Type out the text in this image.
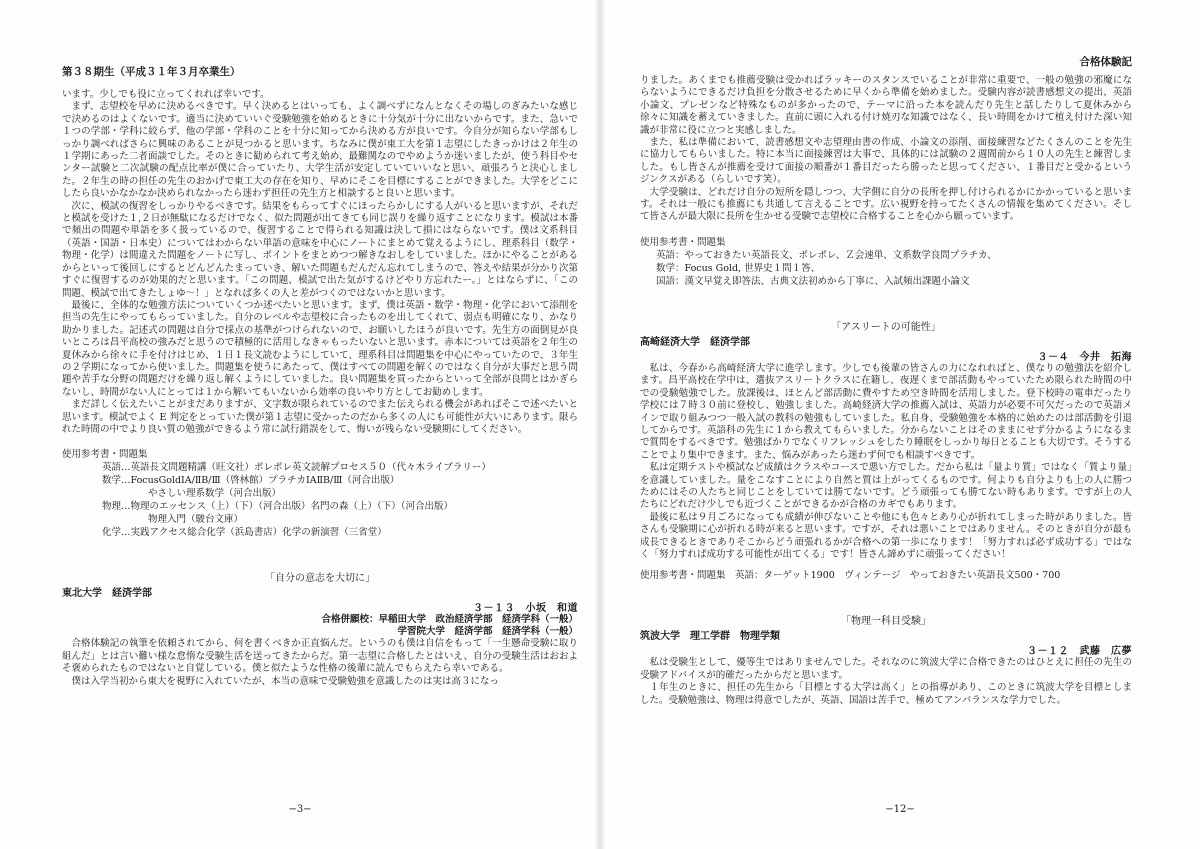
第３８期生（平成３１年３月卒業生）

います。少しでも役に立ってくれれば幸いです。

まず、志望校を早めに決めるべきです。早く決めるとはいっても、よく調べずになんとなくその場しのぎみたいな感じで決めるのはよくないです。適当に決めていいぐ受験勉強を始めるときに十分気が十分に出ないからです。また、急いで１つの学部・学科に絞らず、他の学部・学科のことを十分に知ってから決める方が良いです。今自分が知らない学部もしっかり調べればさらに興味のあることが見つかると思います。ちなみに僕が東工大を第１志望にしたきっかけは２年生の１学期にあった二者面談でした。そのときに勧められて考え始め、最難関なのでやめようか迷いましたが、使う科目やセンター試験と二次試験の配点比率が僕に合っていたり、大学生活が安定していていいなと思い、頑張ろうと決心しました。２年生の時の担任の先生のおかげで東工大の存在を知り、早めにそこを目標にすることができました。大学をどこにしたら良いかなかなか決められなかったら迷わず担任の先生方と相談すると良いと思います。

次に、模試の復習をしっかりやるべきです。結果をもらってすぐにほったらかしにする人がいると思いますが、それだと模試を受けた１,２日が無駄になるだけでなく、似た問題が出てきても同じ誤りを繰り返すことになります。模試は本番で頻出の問題や単語を多く扱っているので、復習することで得られる知識は決して損にはならないです。僕は文系科目（英語・国語・日本史）についてはわからない単語の意味を中心にノートにまとめて覚えるようにし、理系科目（数学・物理・化学）は間違えた問題をノートに写し、ポイントをまとめつつ解きなおしをしていました。ほかにやることがあるからといって後回しにするとどんどんたまっていき、解いた問題もだんだん忘れてしまうので、答えや結果が分かり次第すぐに復習するのが効果的だと思います。「この問題、模試で出た気がするけどやり方忘れたー。」とはならずに、「この問題、模試で出てきたしょゆ～！」となれば多くの人と差がつくのではないかと思います。

最後に、全体的な勉強方法についていくつか述べたいと思います。まず、僕は英語・数学・物理・化学において添削を担当の先生にやってもらっていました。自分のレベルや志望校に合ったものを出してくれて、弱点も明確になり、かなり助かりました。記述式の問題は自分で採点の基準がつけられないので、お願いしたほうが良いです。先生方の面倒見が良いところは昌平高校の強みだと思うので積極的に活用しなきゃもったいないと思います。赤本については英語を２年生の夏休みから徐々に手を付けはじめ、１日１長文読むようにしていて、理系科目は問題集を中心にやっていたので、３年生の２学期になってから使いました。問題集を使うにあたって、僕はすべての問題を解くのではなく自分が大事だと思う問題や苦手な分野の問題だけを繰り返し解くようにしていました。良い問題集を買ったからといって全部が良問とはかぎらないし、時間がない人にとっては１から解いてもいないから効率の良いやり方としてお勧めします。

まだ詳しく伝えたいことがまだありますが、文字数が限られているのでまた伝えられる機会があればそこで述べたいと思います。模試でよく E 判定をとっていた僕が第１志望に受かったのだから多くの人にも可能性が大いにあります。限られた時間の中でより良い質の勉強ができるよう常に試行錯誤をして、悔いが残らない受験期にしてください。

使用参考書・問題集

英語…英語長文問題精講（旺文社）ポレポレ英文読解プロセス５０（代々木ライブラリー）

数学…FocusGoldⅠA/ⅡB/Ⅲ（啓林館）プラチカⅠAⅡB/Ⅲ（河合出版）

やさしい理系数学（河合出版）

物理…物理のエッセンス（上）（下）（河合出版）名門の森（上）（下）（河合出版）

物理入門（駿台文庫）

化学…実践アクセス総合化学（浜島書店）化学の新演習（三省堂）

「自分の意志を大切に」

東北大学　経済学部

３－１３　小坂　和道

合格併願校：早稲田大学　政治経済学部　経済学科（一般）

学習院大学　経済学部　経済学科（一般）

合格体験記の執筆を依頼されてから、何を書くべきか正直悩んだ。というのも僕は自信をもって「一生懸命受験に取り組んだ」とは言い難い様な怠惰な受験生活を送ってきたからだ。第一志望に合格したとはいえ、自分の受験生活はおおよそ褒められたものではないと自覚している。僕と似たような性格の後輩に読んでもらえたら幸いである。

僕は入学当初から東大を視野に入れていたが、本当の意味で受験勉強を意識したのは実は高３になっ

−3−

合格体験記

りました。あくまでも推薦受験は受かればラッキーのスタンスでいることが非常に重要で、一般の勉強の邪魔にならないようにできるだけ負担を分散させるために早くから準備を始めました。受験内容が読書感想文の提出、英語小論文、プレゼンなど特殊なものが多かったので、テーマに沿った本を読んだり先生と話したりして夏休みから徐々に知識を蓄えていきました。直前に頭に入れる付け焼刃な知識ではなく、長い時間をかけて植え付けた深い知識が非常に役に立つと実感しました。

また、私は準備において、読書感想文や志望理由書の作成、小論文の添削、面接練習などたくさんのことを先生に協力してもらいました。特に本当に面接練習は大事で、具体的には試験の２週間前から１０人の先生と練習しました。もし皆さんが推薦を受けて面接の順番が１番目だったら勝ったと思ってください、１番目だと受かるというジンクスがある（らしいです笑）。

大学受験は、どれだけ自分の短所を隠しつつ、大学側に自分の長所を押し付けられるかにかかっていると思います。それは一般にも推薦にも共通して言えることです。広い視野を持ってたくさんの情報を集めてください。そして皆さんが最大限に長所を生かせる受験で志望校に合格することを心から願っています。

使用参考書・問題集

英語：やっておきたい英語長文、ポレポレ、Ｚ会速単、文系数学良問プラチカ、

数学：Focus Gold, 世界史１問１答、

国語：漢文早覚え即答法、古典文法初めから丁寧に、入試頻出課題小論文

「アスリートの可能性」

高崎経済大学　経済学部

３－４　今井　拓海

私は、今春から高崎経済大学に進学します。少しでも後輩の皆さんの力になれればと、僕なりの勉強法を紹介します。昌平高校在学中は、選抜アスリートクラスに在籍し、夜遅くまで部活動もやっていたため限られた時間の中での受験勉強でした。放課後は、ほとんど部活動に費やすため空き時間を活用しました。登下校時の電車だったり学校には７時３０前に登校し、勉強しました。高崎経済大学の推薦入試は、英語力が必要不可欠だったので英語メインで取り組みつつ一般入試の教科の勉強もしていました。私自身、受験勉強を本格的に始めたのは部活動を引退してからです。英語科の先生に１から教えてもらいました。分からないことはそのままにせず分かるようになるまで質問をするべきです。勉強ばかりでなくリフレッシュをしたり睡眠をしっかり毎日とることも大切です。そうすることでより集中できます。また、悩みがあったら迷わず何でも相談すべきです。

私は定期テストや模試など成績はクラスやコースで悪い方でした。だから私は「量より質」ではなく「質より量」を意識していました。量をこなすことにより自然と質は上がってくるものです。何よりも自分よりも上の人に勝つためにはその人たちと同じことをしていては勝てないです。どう頑張っても勝てない時もあります。ですが上の人たちにどれだけ少しでも近づくことができるかが合格のカギでもあります。

最後に私は９月ごろになっても成績が伸びないことや他にも色々とあり心が折れてしまった時がありました。皆さんも受験期に心が折れる時が来ると思います。ですが、それは悪いことではありません。そのときが自分が最も成長できるときでありそこからどう頑張れるかが合格への第一歩になります！「努力すれば必ず成功する」ではなく「努力すれば成功する可能性が出てくる」です！皆さん諦めずに頑張ってください！

使用参考書・問題集　英語：ターゲット1900　ヴィンテージ　やっておきたい英語長文500・700

「物理一科目受験」

筑波大学　理工学群　物理学類

３－１２　武藤　広夢

私は受験生として、優等生ではありませんでした。それなのに筑波大学に合格できたのはひとえに担任の先生の受験アドバイスが的確だったからだと思います。

１年生のときに、担任の先生から「目標とする大学は高く」との指導があり、このときに筑波大学を目標としました。受験勉強は、物理は得意でしたが、英語、国語は苦手で、極めてアンバランスな学力でした。

−12−
